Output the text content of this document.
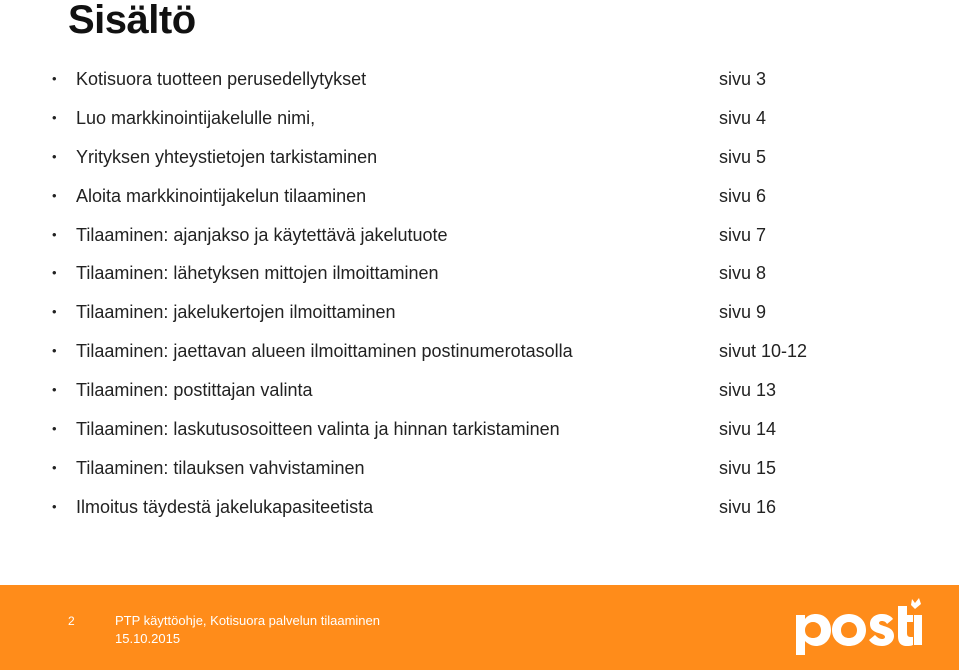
Sisältö
•	Kotisuora tuotteen perusedellytykset	sivu 3
•	Luo markkinointijakelulle nimi,	sivu 4
•	Yrityksen yhteystietojen tarkistaminen	sivu 5
•	Aloita markkinointijakelun tilaaminen	sivu 6
•	Tilaaminen: ajanjakso ja käytettävä jakelutuote	sivu 7
•	Tilaaminen: lähetyksen mittojen ilmoittaminen	sivu 8
•	Tilaaminen: jakelukertojen ilmoittaminen	sivu 9
•	Tilaaminen: jaettavan alueen ilmoittaminen postinumerotasolla	sivut 10-12
•	Tilaaminen: postittajan valinta	sivu 13
•	Tilaaminen: laskutusosoitteen valinta ja hinnan tarkistaminen	sivu 14
•	Tilaaminen: tilauksen vahvistaminen	sivu 15
•	Ilmoitus täydestä jakelukapasiteetista	sivu 16
2	PTP käyttöohje, Kotisuora palvelun tilaaminen
15.10.2015
